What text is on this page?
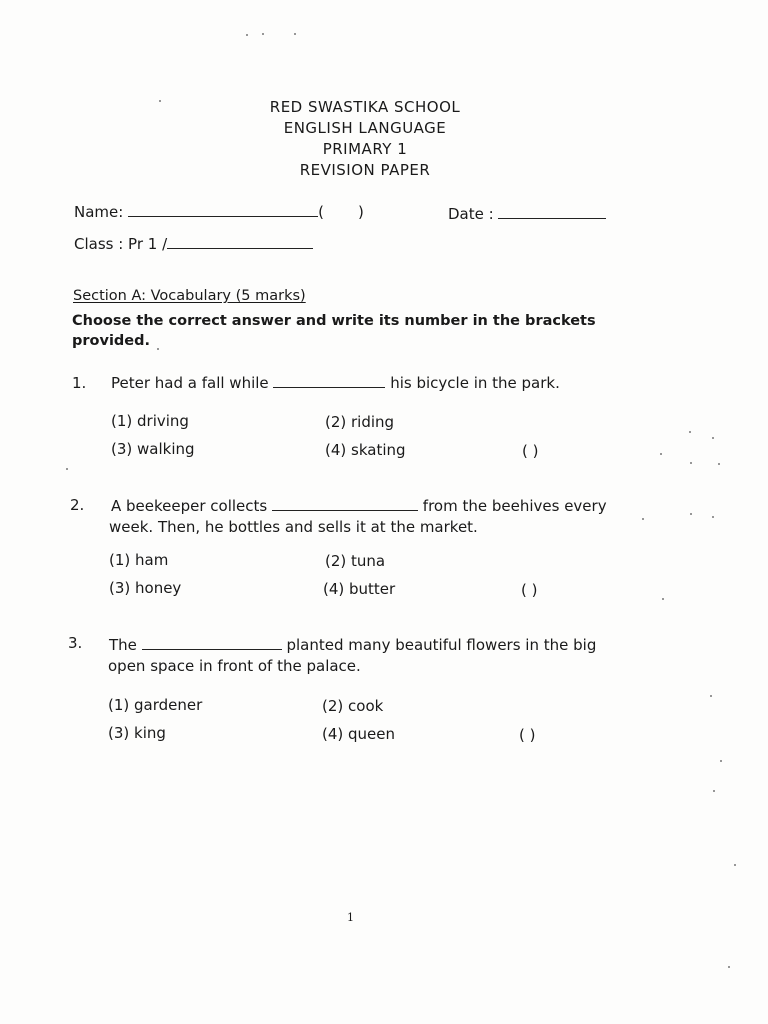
RED SWASTIKA SCHOOL
ENGLISH LANGUAGE
PRIMARY 1
REVISION PAPER
Name:	( )	Date :
Class : Pr 1 /
Section A: Vocabulary (5 marks)
Choose the correct answer and write its number in the brackets provided.
1. Peter had a fall while	his bicycle in the park.
(1) driving	(2) riding
(3) walking	(4) skating	( )
2. A beekeeper collects	from the beehives every
week. Then, he bottles and sells it at the market.
(1) ham	(2) tuna
(3) honey	(4) butter	( )
3. The	planted many beautiful flowers in the big
open space in front of the palace.
(1) gardener	(2) cook
(3) king	(4) queen	( )
1
